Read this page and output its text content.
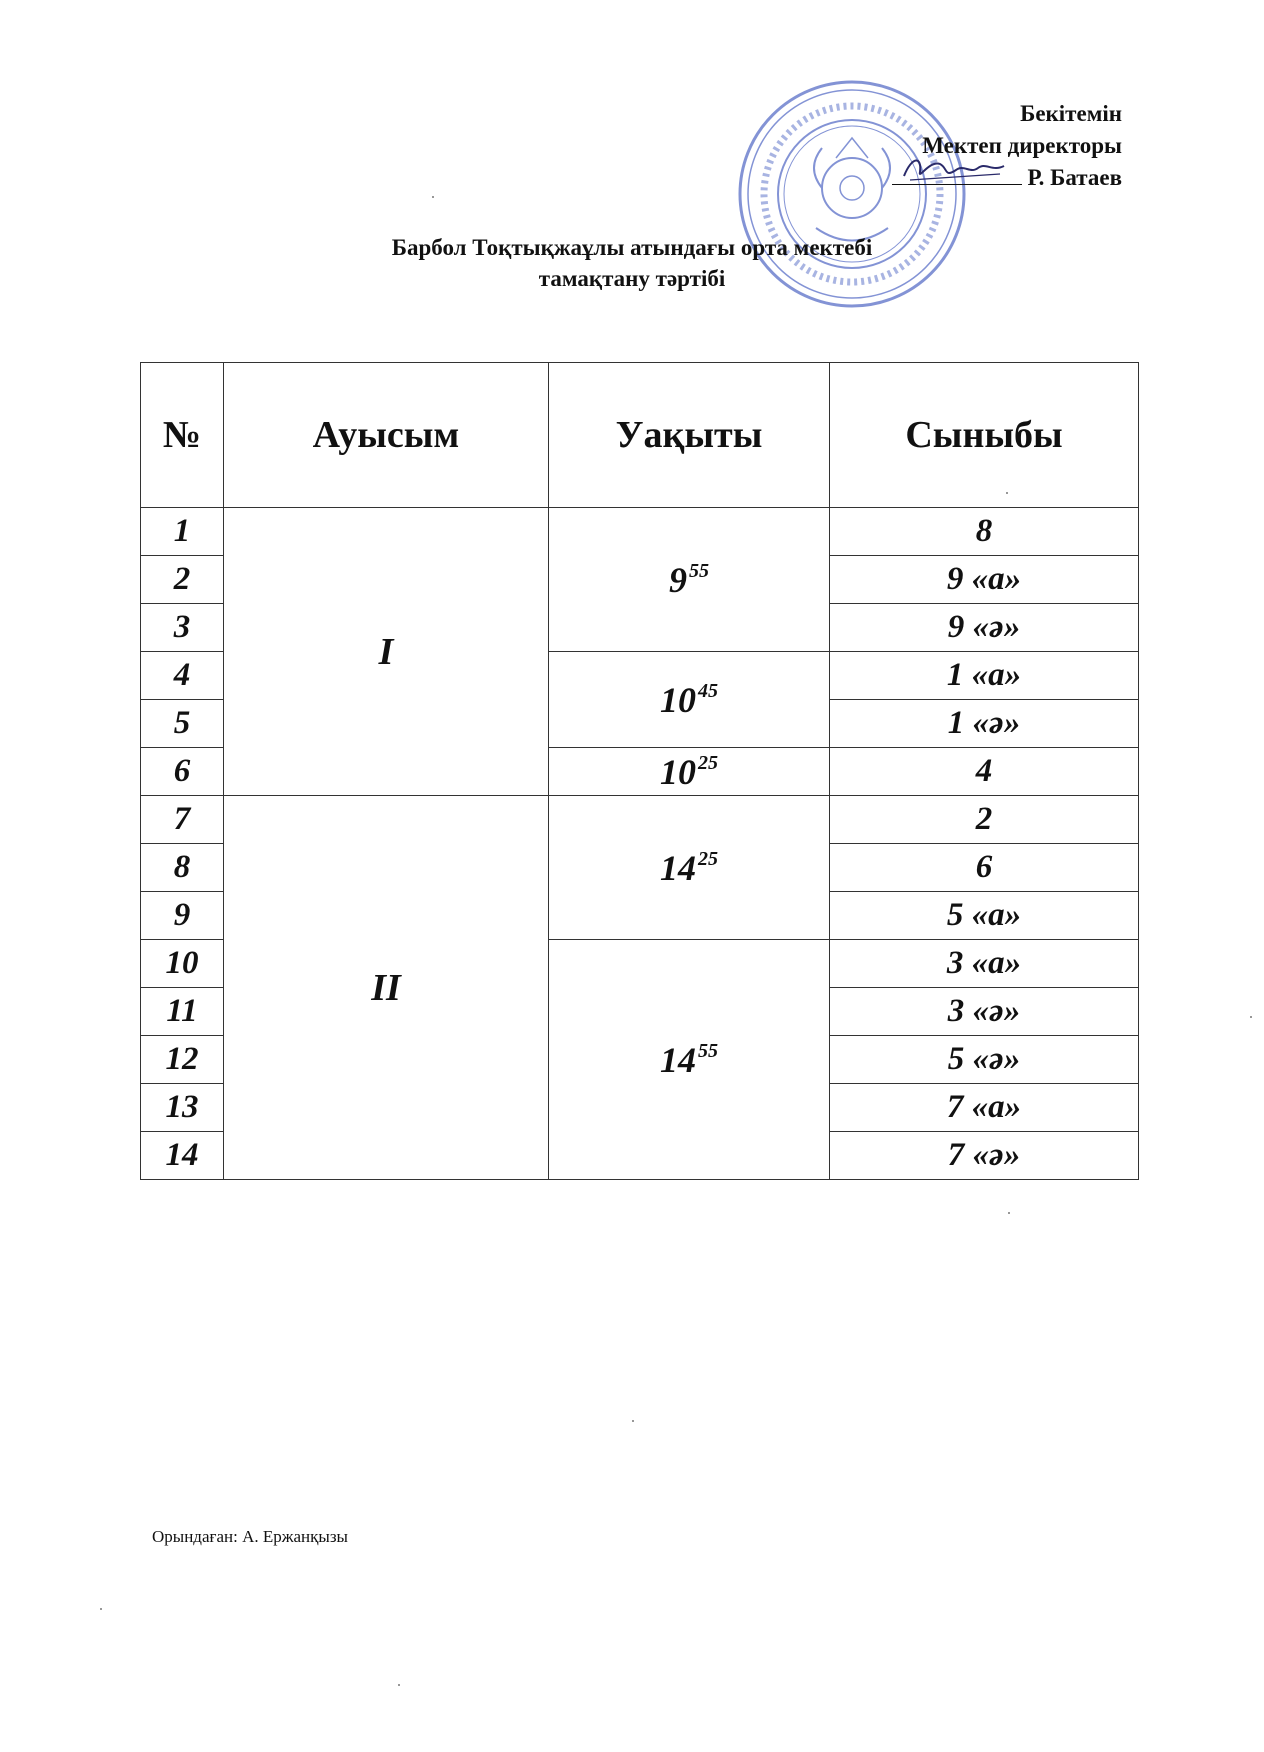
Бекітемін
Мектеп директоры
Р. Батаев
Барбол Тоқтықжаұлы атындағы орта мектебі
тамақтану тәртібі
№	Ауысым	Уақыты	Сыныбы
1	I	9 $^{55}$	8
2			9 «а»
3			9 «ә»
4		10 $^{45}$	1 «а»
5			1 «ә»
6		10 $^{25}$	4
7	II	14 $^{25}$	2
8			6
9			5 «а»
10		14 $^{55}$	3 «а»
11			3 «ә»
12			5 «ә»
13			7 «а»
14			7 «ә»
Орындаған: А. Ержанқызы
